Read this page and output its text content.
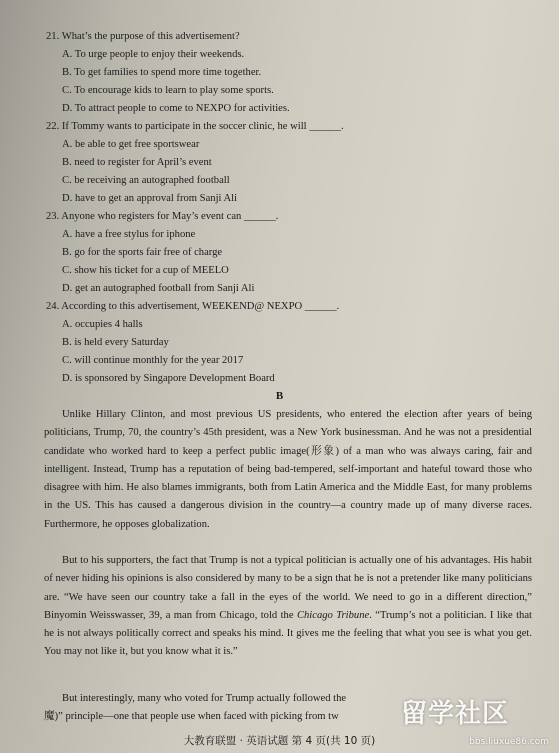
21. What’s the purpose of this advertisement?
A. To urge people to enjoy their weekends.
B. To get families to spend more time together.
C. To encourage kids to learn to play some sports.
D. To attract people to come to NEXPO for activities.
22. If Tommy wants to participate in the soccer clinic, he will ______.
A. be able to get free sportswear
B. need to register for April’s event
C. be receiving an autographed football
D. have to get an approval from Sanji Ali
23. Anyone who registers for May’s event can ______.
A. have a free stylus for iphone
B. go for the sports fair free of charge
C. show his ticket for a cup of MEELO
D. get an autographed football from Sanji Ali
24. According to this advertisement, WEEKEND@ NEXPO ______.
A. occupies 4 halls
B. is held every Saturday
C. will continue monthly for the year 2017
D. is sponsored by Singapore Development Board
B
Unlike Hillary Clinton, and most previous US presidents, who entered the election after years of being politicians, Trump, 70, the country’s 45th president, was a New York businessman. And he was not a presidential candidate who worked hard to keep a perfect public image(形象) of a man who was always caring, fair and intelligent. Instead, Trump has a reputation of being bad-tempered, self-important and hateful toward those who disagree with him. He also blames immigrants, both from Latin America and the Middle East, for many problems in the US. This has caused a dangerous division in the country—a country made up of many diverse races. Furthermore, he opposes globalization.
But to his supporters, the fact that Trump is not a typical politician is actually one of his advantages. His habit of never hiding his opinions is also considered by many to be a sign that he is not a pretender like many politicians are. “We have seen our country take a fall in the eyes of the world. We need to go in a different direction,” Binyomin Weisswasser, 39, a man from Chicago, told the Chicago Tribune. “Trump’s not a politician. I like that he is not always politically correct and speaks his mind. It gives me the feeling that what you see is what you get. You may not like it, but you know what it is.”
But interestingly, many who voted for Trump actually followed the
魔)” principle—one that people use when faced with picking from tw
大教育联盟 · 英语试题 第 4 页(共 10 页)
留学社区
bbs.liuxue86.com
